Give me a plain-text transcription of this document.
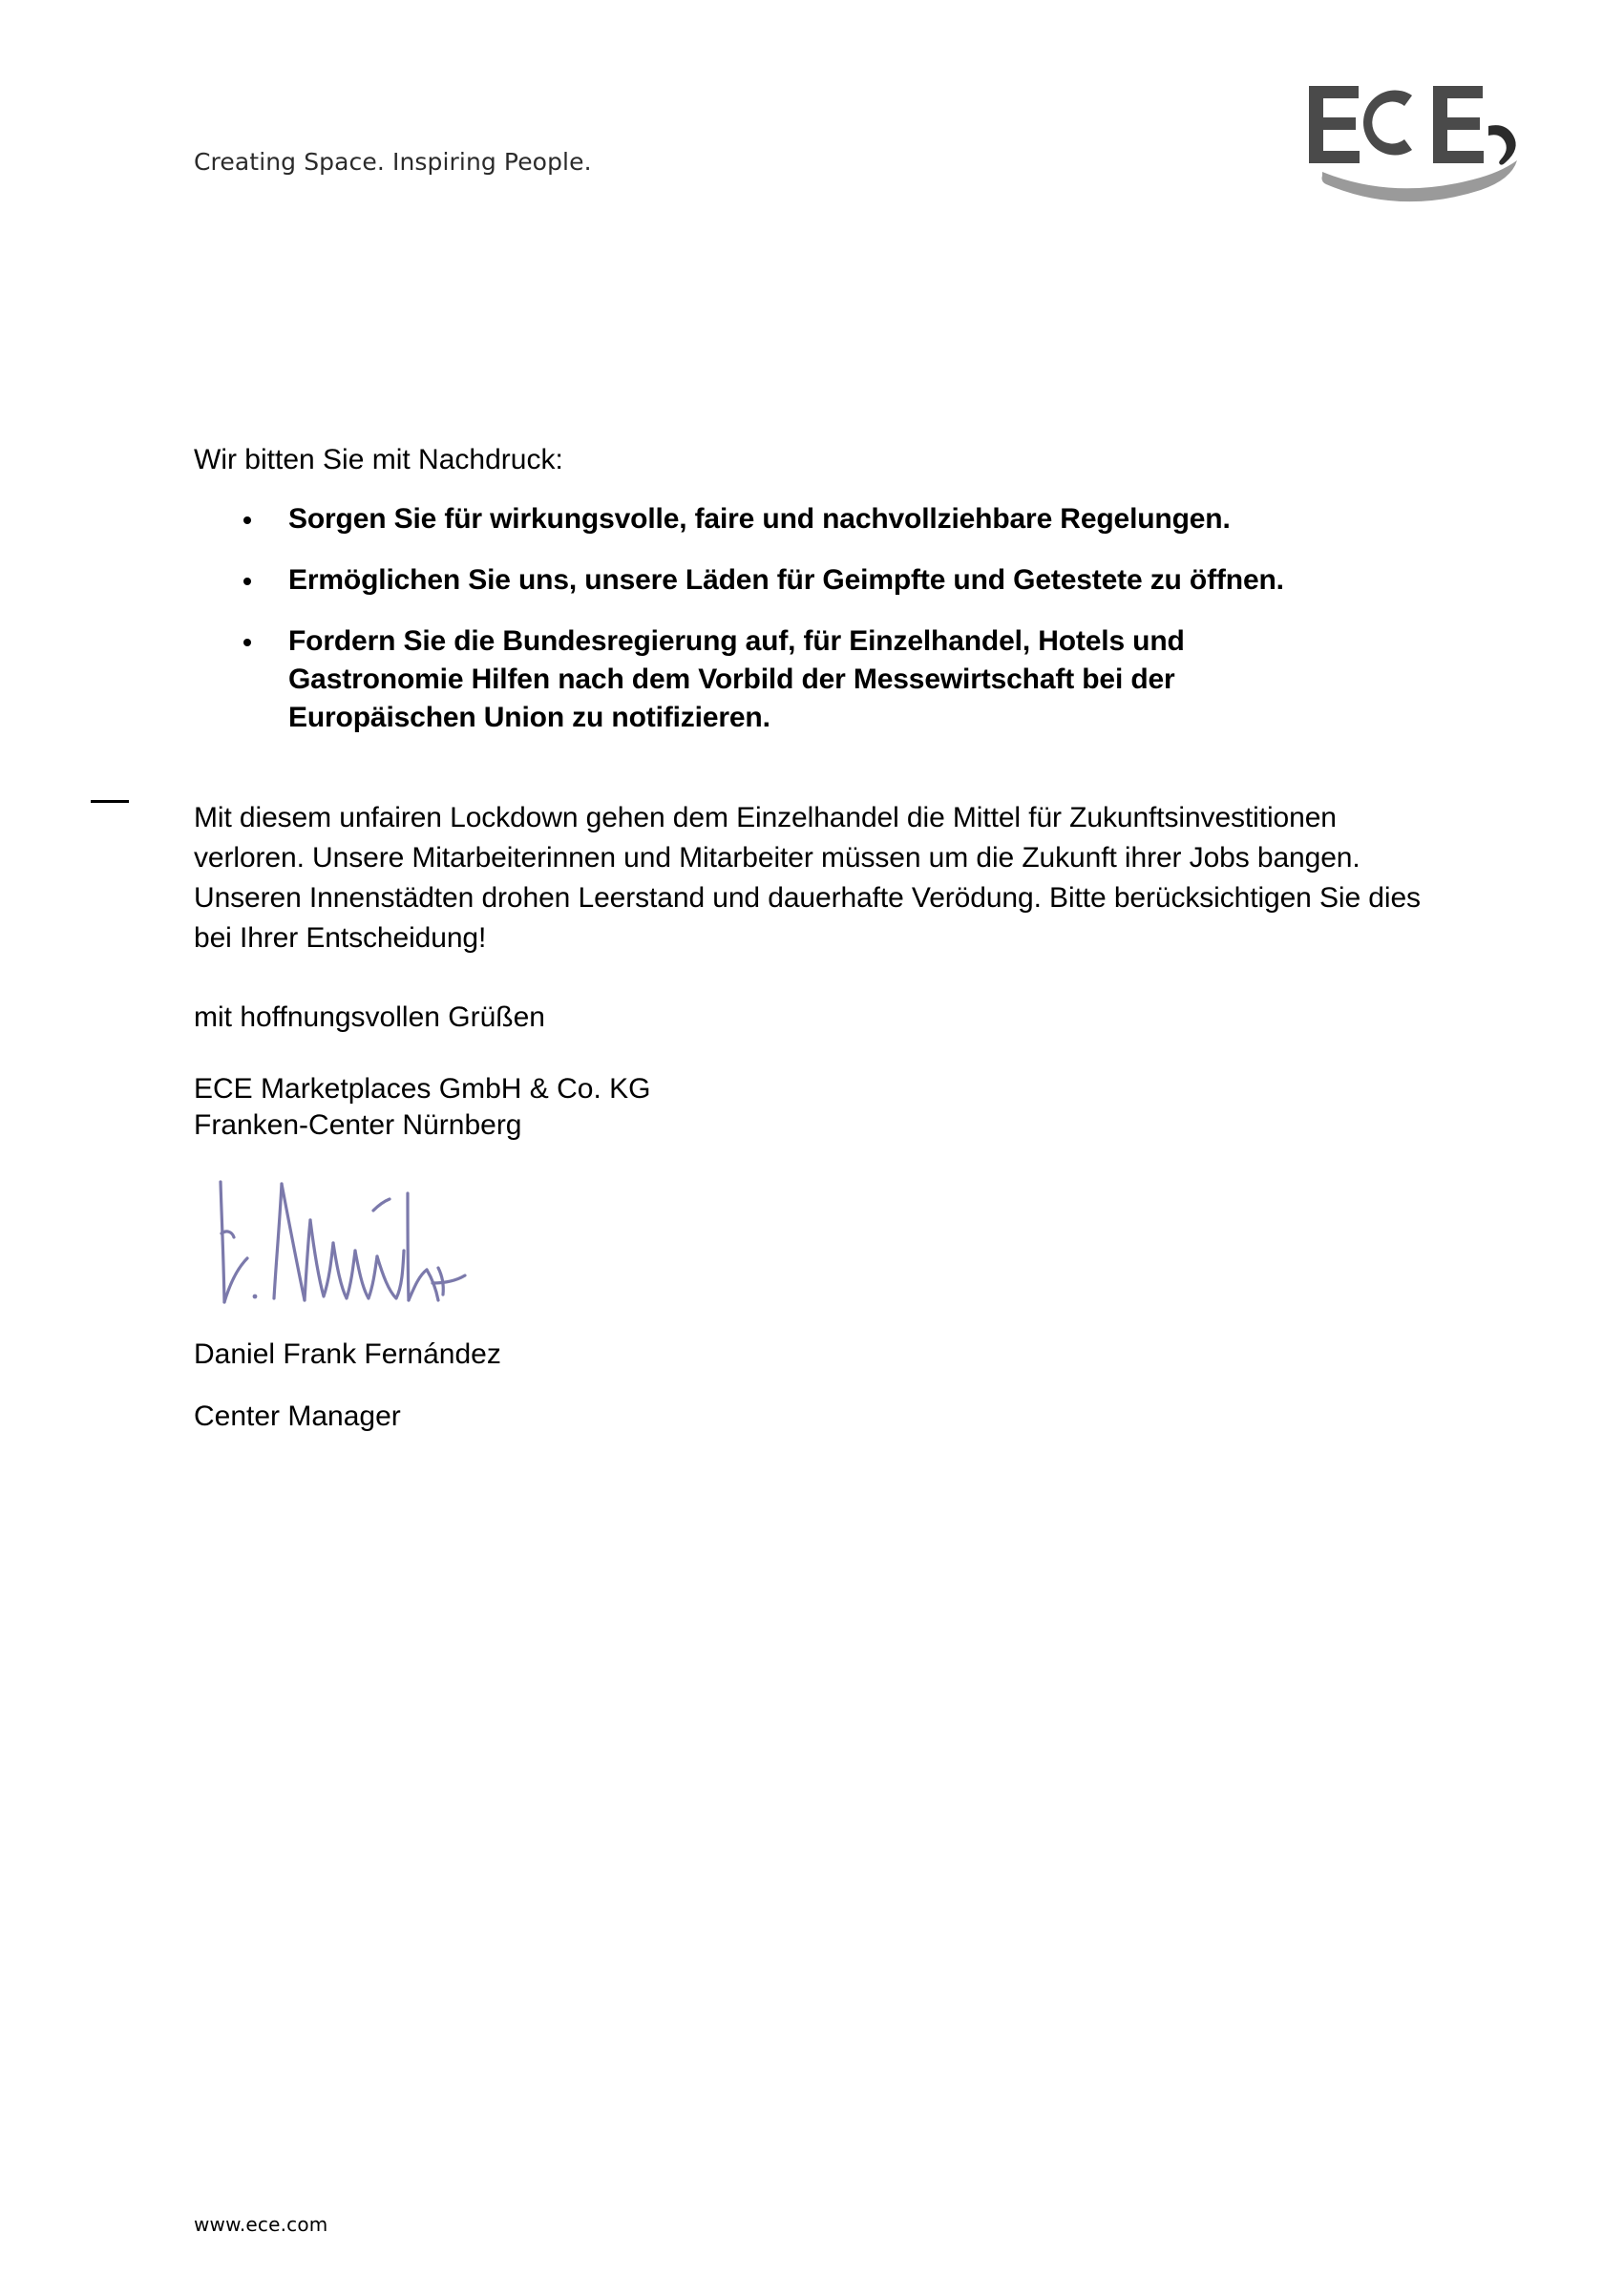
Creating Space. Inspiring People.

Wir bitten Sie mit Nachdruck:

Sorgen Sie für wirkungsvolle, faire und nachvollziehbare Regelungen.
Ermöglichen Sie uns, unsere Läden für Geimpfte und Getestete zu öffnen.
Fordern Sie die Bundesregierung auf, für Einzelhandel, Hotels und Gastronomie Hilfen nach dem Vorbild der Messewirtschaft bei der Europäischen Union zu notifizieren.

Mit diesem unfairen Lockdown gehen dem Einzelhandel die Mittel für Zukunftsinvestitionen verloren. Unsere Mitarbeiterinnen und Mitarbeiter müssen um die Zukunft ihrer Jobs bangen. Unseren Innenstädten drohen Leerstand und dauerhafte Verödung. Bitte berücksichtigen Sie dies bei Ihrer Entscheidung!

mit hoffnungsvollen Grüßen

ECE Marketplaces GmbH & Co. KG

Franken-Center Nürnberg

Daniel Frank Fernández

Center Manager

www.ece.com
